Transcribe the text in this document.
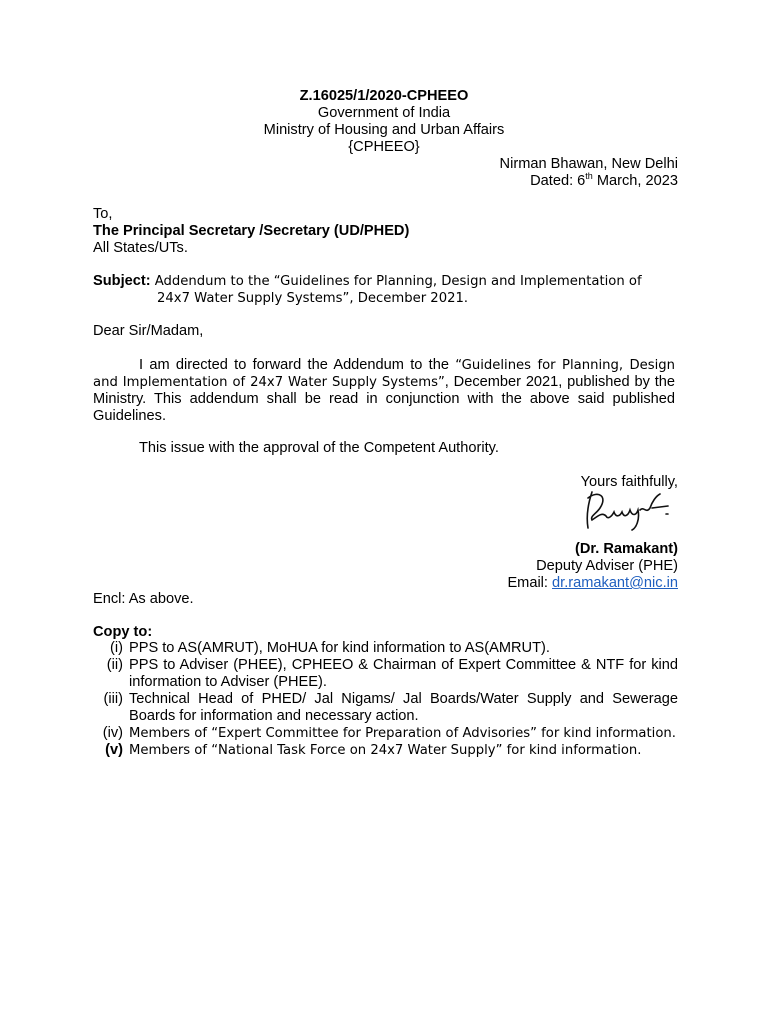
Z.16025/1/2020-CPHEEO
Government of India
Ministry of Housing and Urban Affairs
{CPHEEO}
Nirman Bhawan, New Delhi
Dated: 6th March, 2023
To,
The Principal Secretary /Secretary (UD/PHED)
All States/UTs.
Subject: Addendum to the “Guidelines for Planning, Design and Implementation of
24x7 Water Supply Systems”, December 2021.
Dear Sir/Madam,
I am directed to forward the Addendum to the “Guidelines for Planning, Design and Implementation of 24x7 Water Supply Systems”, December 2021, published by the Ministry. This addendum shall be read in conjunction with the above said published Guidelines.
This issue with the approval of the Competent Authority.
Yours faithfully,
(Dr. Ramakant)
Deputy Adviser (PHE)
Email: dr.ramakant@nic.in
Encl: As above.
Copy to:
(i) PPS to AS(AMRUT), MoHUA for kind information to AS(AMRUT).
(ii) PPS to Adviser (PHEE), CPHEEO & Chairman of Expert Committee & NTF for kind information to Adviser (PHEE).
(iii) Technical Head of PHED/ Jal Nigams/ Jal Boards/Water Supply and Sewerage Boards for information and necessary action.
(iv) Members of “Expert Committee for Preparation of Advisories” for kind information.
(v) Members of “National Task Force on 24x7 Water Supply” for kind information.
